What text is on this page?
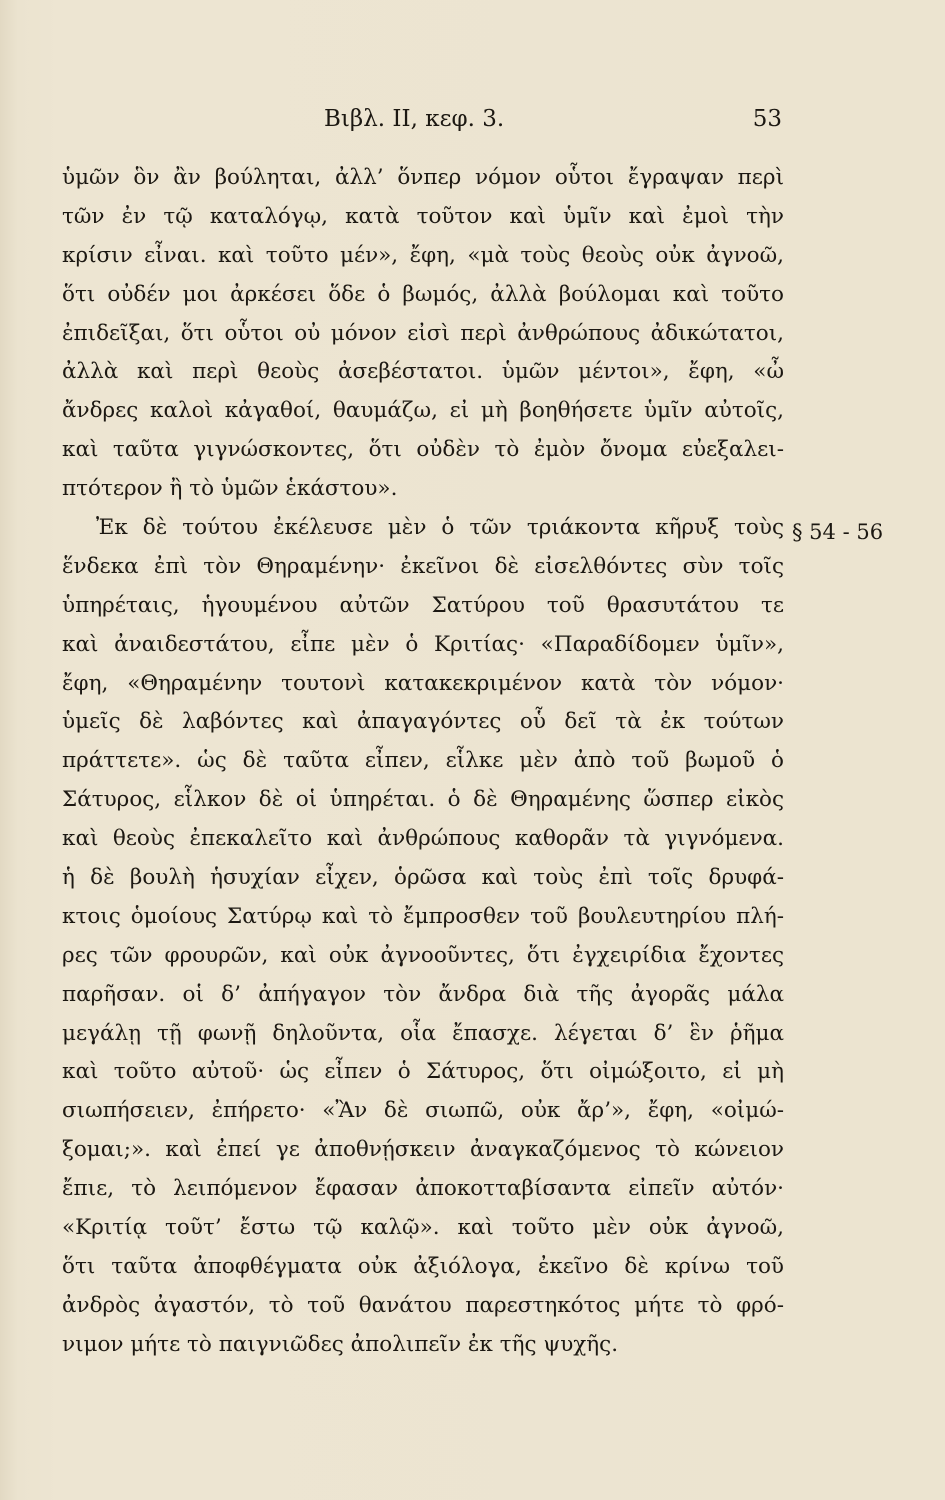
Βιβλ. II, κεφ. 3.	53
§ 54 - 56
ὑμῶν ὃν ἂν βούληται, ἀλλ’ ὅνπερ νόμον οὗτοι ἔγραψαν περὶ
τῶν ἐν τῷ καταλόγῳ, κατὰ τοῦτον καὶ ὑμῖν καὶ ἐμοὶ τὴν
κρίσιν εἶναι. καὶ τοῦτο μέν», ἔφη, «μὰ τοὺς θεοὺς οὐκ ἀγνοῶ,
ὅτι οὐδέν μοι ἀρκέσει ὅδε ὁ βωμός, ἀλλὰ βούλομαι καὶ τοῦτο
ἐπιδεῖξαι, ὅτι οὗτοι οὐ μόνον εἰσὶ περὶ ἀνθρώπους ἀδικώτατοι,
ἀλλὰ καὶ περὶ θεοὺς ἀσεβέστατοι. ὑμῶν μέντοι», ἔφη, «ὦ
ἄνδρες καλοὶ κἀγαθοί, θαυμάζω, εἰ μὴ βοηθήσετε ὑμῖν αὐτοῖς,
καὶ ταῦτα γιγνώσκοντες, ὅτι οὐδὲν τὸ ἐμὸν ὄνομα εὐεξαλει-
πτότερον ἢ τὸ ὑμῶν ἑκάστου».
Ἐκ δὲ τούτου ἐκέλευσε μὲν ὁ τῶν τριάκοντα κῆρυξ τοὺς
ἕνδεκα ἐπὶ τὸν Θηραμένην· ἐκεῖνοι δὲ εἰσελθόντες σὺν τοῖς
ὑπηρέταις, ἡγουμένου αὐτῶν Σατύρου τοῦ θρασυτάτου τε
καὶ ἀναιδεστάτου, εἶπε μὲν ὁ Κριτίας· «Παραδίδομεν ὑμῖν»,
ἔφη, «Θηραμένην τουτονὶ κατακεκριμένον κατὰ τὸν νόμον·
ὑμεῖς δὲ λαβόντες καὶ ἀπαγαγόντες οὗ δεῖ τὰ ἐκ τούτων
πράττετε». ὡς δὲ ταῦτα εἶπεν, εἷλκε μὲν ἀπὸ τοῦ βωμοῦ ὁ
Σάτυρος, εἷλκον δὲ οἱ ὑπηρέται. ὁ δὲ Θηραμένης ὥσπερ εἰκὸς
καὶ θεοὺς ἐπεκαλεῖτο καὶ ἀνθρώπους καθορᾶν τὰ γιγνόμενα.
ἡ δὲ βουλὴ ἡσυχίαν εἶχεν, ὁρῶσα καὶ τοὺς ἐπὶ τοῖς δρυφά-
κτοις ὁμοίους Σατύρῳ καὶ τὸ ἔμπροσθεν τοῦ βουλευτηρίου πλή-
ρες τῶν φρουρῶν, καὶ οὐκ ἀγνοοῦντες, ὅτι ἐγχειρίδια ἔχοντες
παρῆσαν. οἱ δ’ ἀπήγαγον τὸν ἄνδρα διὰ τῆς ἀγορᾶς μάλα
μεγάλῃ τῇ φωνῇ δηλοῦντα, οἷα ἔπασχε. λέγεται δ’ ἓν ῥῆμα
καὶ τοῦτο αὐτοῦ· ὡς εἶπεν ὁ Σάτυρος, ὅτι οἰμώξοιτο, εἰ μὴ
σιωπήσειεν, ἐπήρετο· «Ἂν δὲ σιωπῶ, οὐκ ἄρ’», ἔφη, «οἰμώ-
ξομαι;». καὶ ἐπεί γε ἀποθνῄσκειν ἀναγκαζόμενος τὸ κώνειον
ἔπιε, τὸ λειπόμενον ἔφασαν ἀποκοτταβίσαντα εἰπεῖν αὐτόν·
«Κριτίᾳ τοῦτ’ ἔστω τῷ καλῷ». καὶ τοῦτο μὲν οὐκ ἀγνοῶ,
ὅτι ταῦτα ἀποφθέγματα οὐκ ἀξιόλογα, ἐκεῖνο δὲ κρίνω τοῦ
ἀνδρὸς ἀγαστόν, τὸ τοῦ θανάτου παρεστηκότος μήτε τὸ φρό-
νιμον μήτε τὸ παιγνιῶδες ἀπολιπεῖν ἐκ τῆς ψυχῆς.
